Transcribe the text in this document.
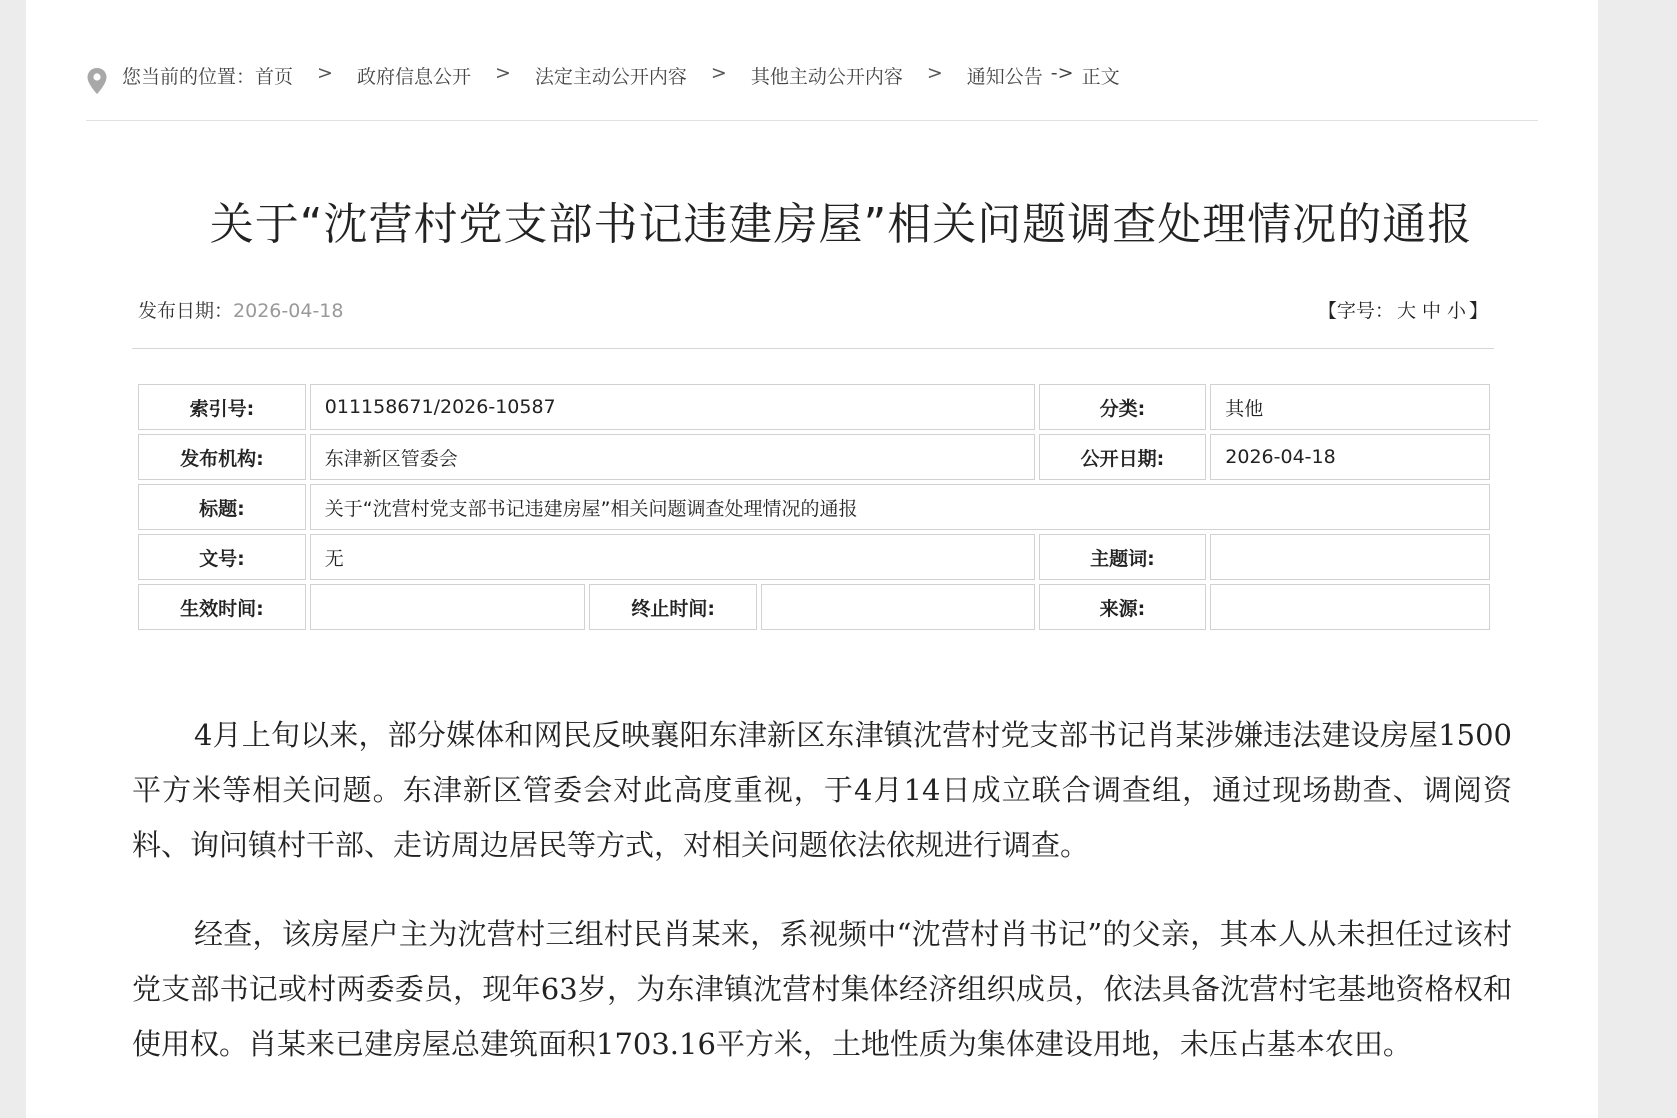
您当前的位置： 首页 > 政府信息公开 > 法定主动公开内容 > 其他主动公开内容 > 通知公告 -> 正文
关于“沈营村党支部书记违建房屋”相关问题调查处理情况的通报
发布日期：2026-04-18	【字号： 大 中 小 】
索引号:	011158671/2026-10587			分类:	其他
发布机构:	东津新区管委会			公开日期:	2026-04-18
标题:	关于“沈营村党支部书记违建房屋”相关问题调查处理情况的通报				
文号:	无			主题词:	
生效时间:		终止时间:		来源:	

4月上旬以来，部分媒体和网民反映襄阳东津新区东津镇沈营村党支部书记肖某涉嫌违法建设房屋1500平方米等相关问题。东津新区管委会对此高度重视，于4月14日成立联合调查组，通过现场勘查、调阅资料、询问镇村干部、走访周边居民等方式，对相关问题依法依规进行调查。

经查，该房屋户主为沈营村三组村民肖某来，系视频中“沈营村肖书记”的父亲，其本人从未担任过该村党支部书记或村两委委员，现年63岁，为东津镇沈营村集体经济组织成员，依法具备沈营村宅基地资格权和使用权。肖某来已建房屋总建筑面积1703.16平方米，土地性质为集体建设用地，未压占基本农田。
